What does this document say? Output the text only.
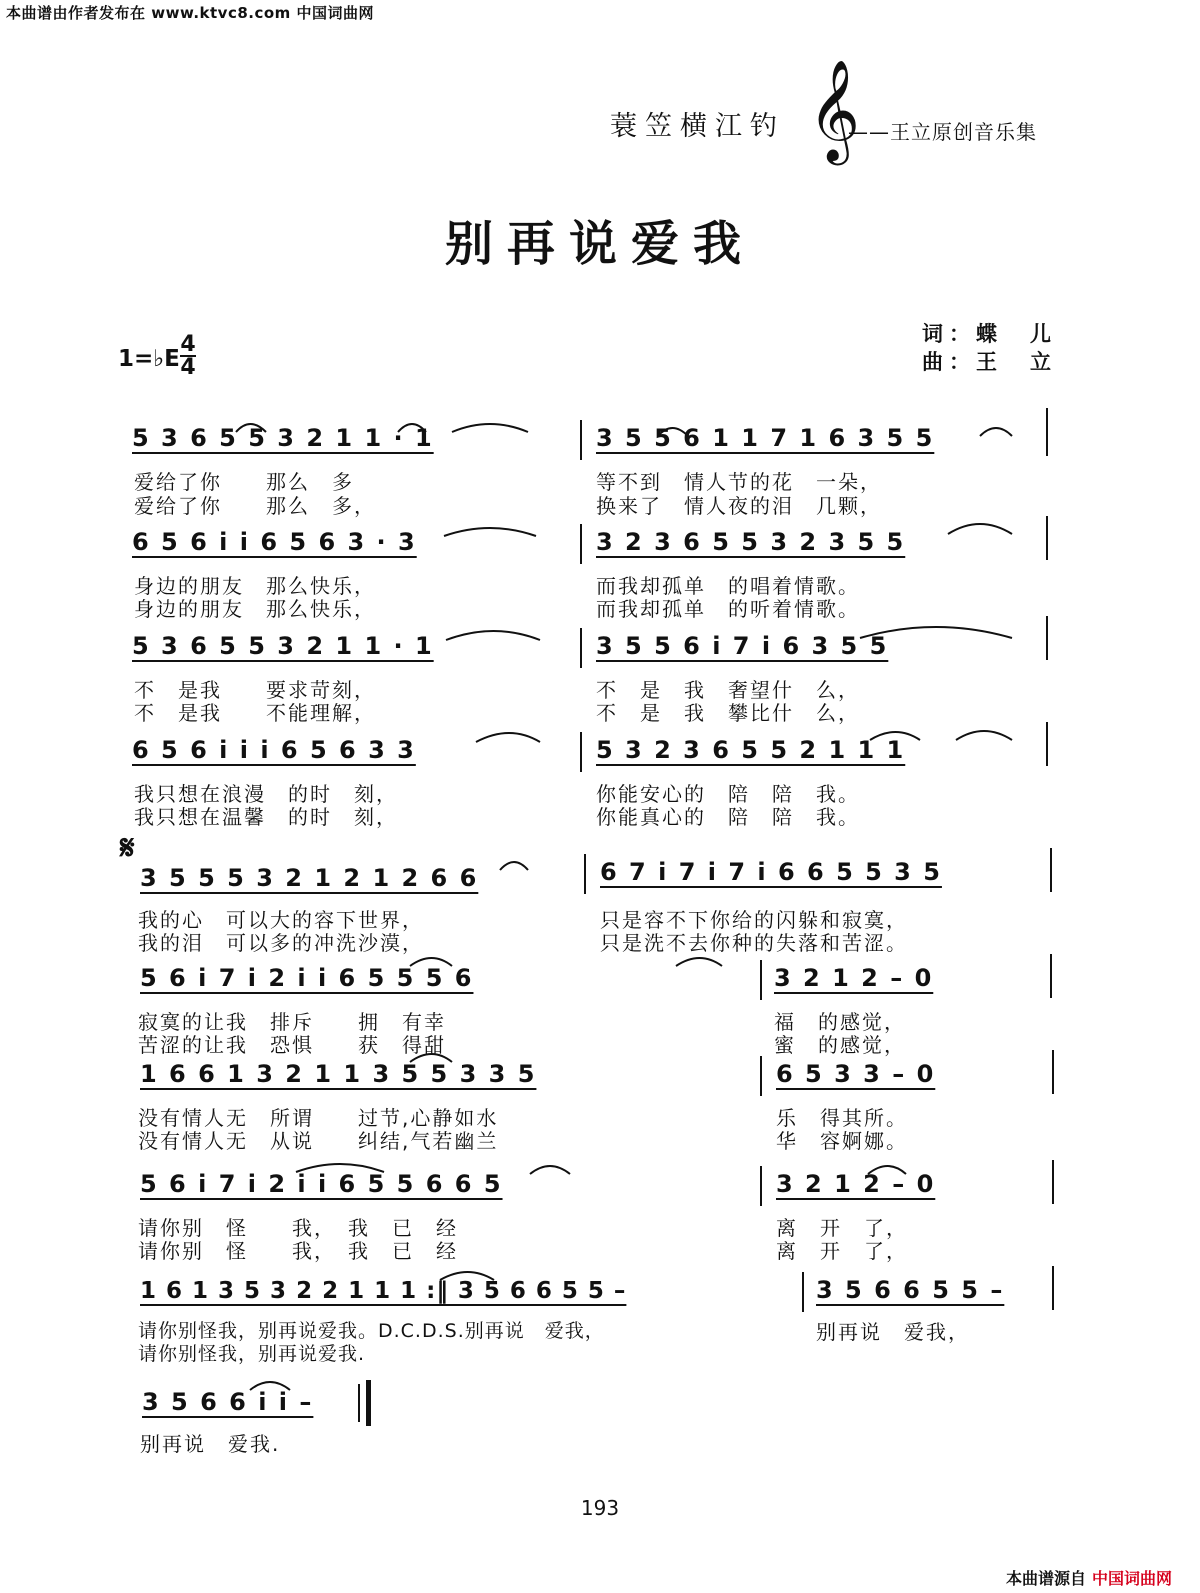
本曲谱由作者发布在 www.ktvc8.com 中国词曲网
蓑笠横江钓 𝄞
——王立原创音乐集
别再说爱我
词：蝶　儿
曲：王　立
1=♭E
4
4
5 3 6 5 5 3 2 1 1 · 1	3 5 5 6 1 1 7 1 6 3 5 5
爱给了你　　那么　多	等不到　情人节的花　一朵，
爱给了你　　那么　多，	换来了　情人夜的泪　几颗，
6 5 6 i i 6 5 6 3 · 3	3 2 3 6 5 5 3 2 3 5 5
身边的朋友　那么快乐，	而我却孤单　的唱着情歌。
身边的朋友　那么快乐，	而我却孤单　的听着情歌。
5 3 6 5 5 3 2 1 1 · 1	3 5 5 6 i 7 i 6 3 5 5
不　是我　　要求苛刻，	不　是　我　奢望什　么，
不　是我　　不能理解，	不　是　我　攀比什　么，
6 5 6 i i i 6 5 6 3 3	5 3 2 3 6 5 5 2 1 1 1
我只想在浪漫　的时　刻，	你能安心的　陪　陪　我。
我只想在温馨　的时　刻，	你能真心的　陪　陪　我。
𝄋
3 5 5 5 3 2 1 2 1 2 6 6	6 7 i 7 i 7 i 6 6 5 5 3 5
我的心　可以大的容下世界，	只是容不下你给的闪躲和寂寞，
我的泪　可以多的冲洗沙漠，	只是洗不去你种的失落和苦涩。
5 6 i 7 i 2 i i 6 5 5 5 6	3 2 1 2 – 0
寂寞的让我　排斥　　拥　有幸	福　的感觉，
苦涩的让我　恐惧　　获　得甜	蜜　的感觉，
1 6 6 1 3 2 1 1 3 5 5 3 3 5	6 5 3 3 – 0
没有情人无　所谓　　过节,心静如水	乐　得其所。
没有情人无　从说　　纠结,气若幽兰	华　容婀娜。
5 6 i 7 i 2 i i 6 5 5 6 6 5	3 2 1 2 – 0
请你别　怪　　我，　我　已　经	离　开　了，
请你别　怪　　我，　我　已　经	离　开　了，
1 6 1 3 5 3 2 2 1 1 1 :‖ 3 5 6 6 5 5 –	3 5 6 6 5 5 –
请你别怪我，别再说爱我。D.C.D.S.别再说　爱我，	别再说　爱我，
请你别怪我，别再说爱我.
3 5 6 6 i i –
别再说　爱我.
193
本曲谱源自 中国词曲网
